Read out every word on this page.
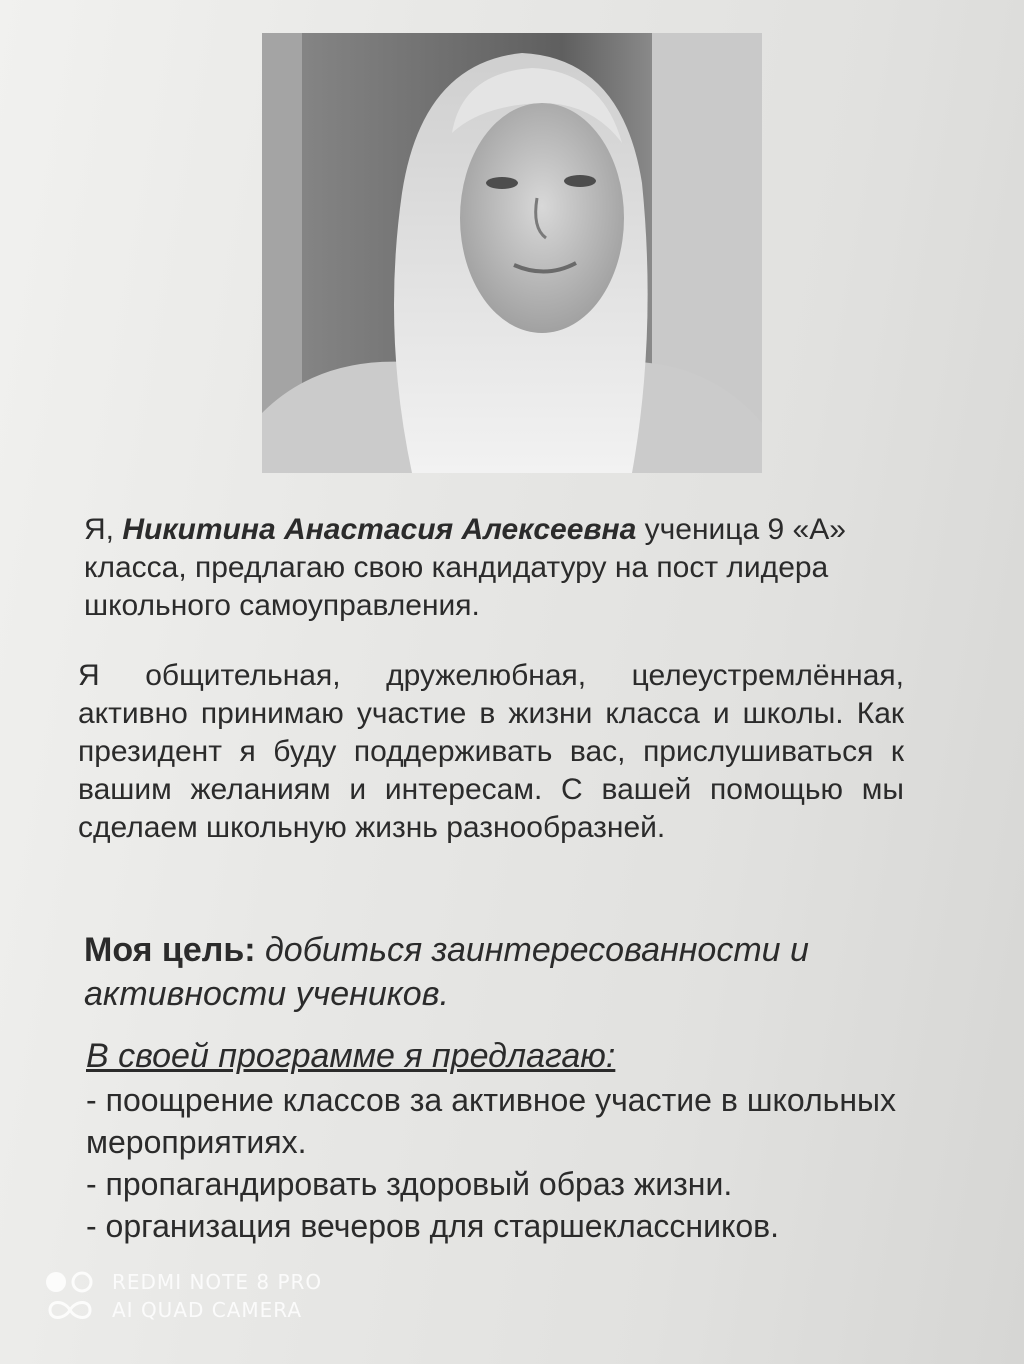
Я, Никитина Анастасия Алексеевна ученица 9 «А» класса, предлагаю свою кандидатуру на пост лидера школьного самоуправления.
Я общительная, дружелюбная, целеустремлённая, активно принимаю участие в жизни класса и школы. Как президент я буду поддерживать вас, прислушиваться к вашим желаниям и интересам. С вашей помощью мы сделаем школьную жизнь разнообразней.
Моя цель: добиться заинтересованности и активности учеников.
В своей программе я предлагаю:
- поощрение классов за активное участие в школьных мероприятиях.
- пропагандировать здоровый образ жизни.
- организация вечеров для старшеклассников.
REDMI NOTE 8 PRO
AI QUAD CAMERA
